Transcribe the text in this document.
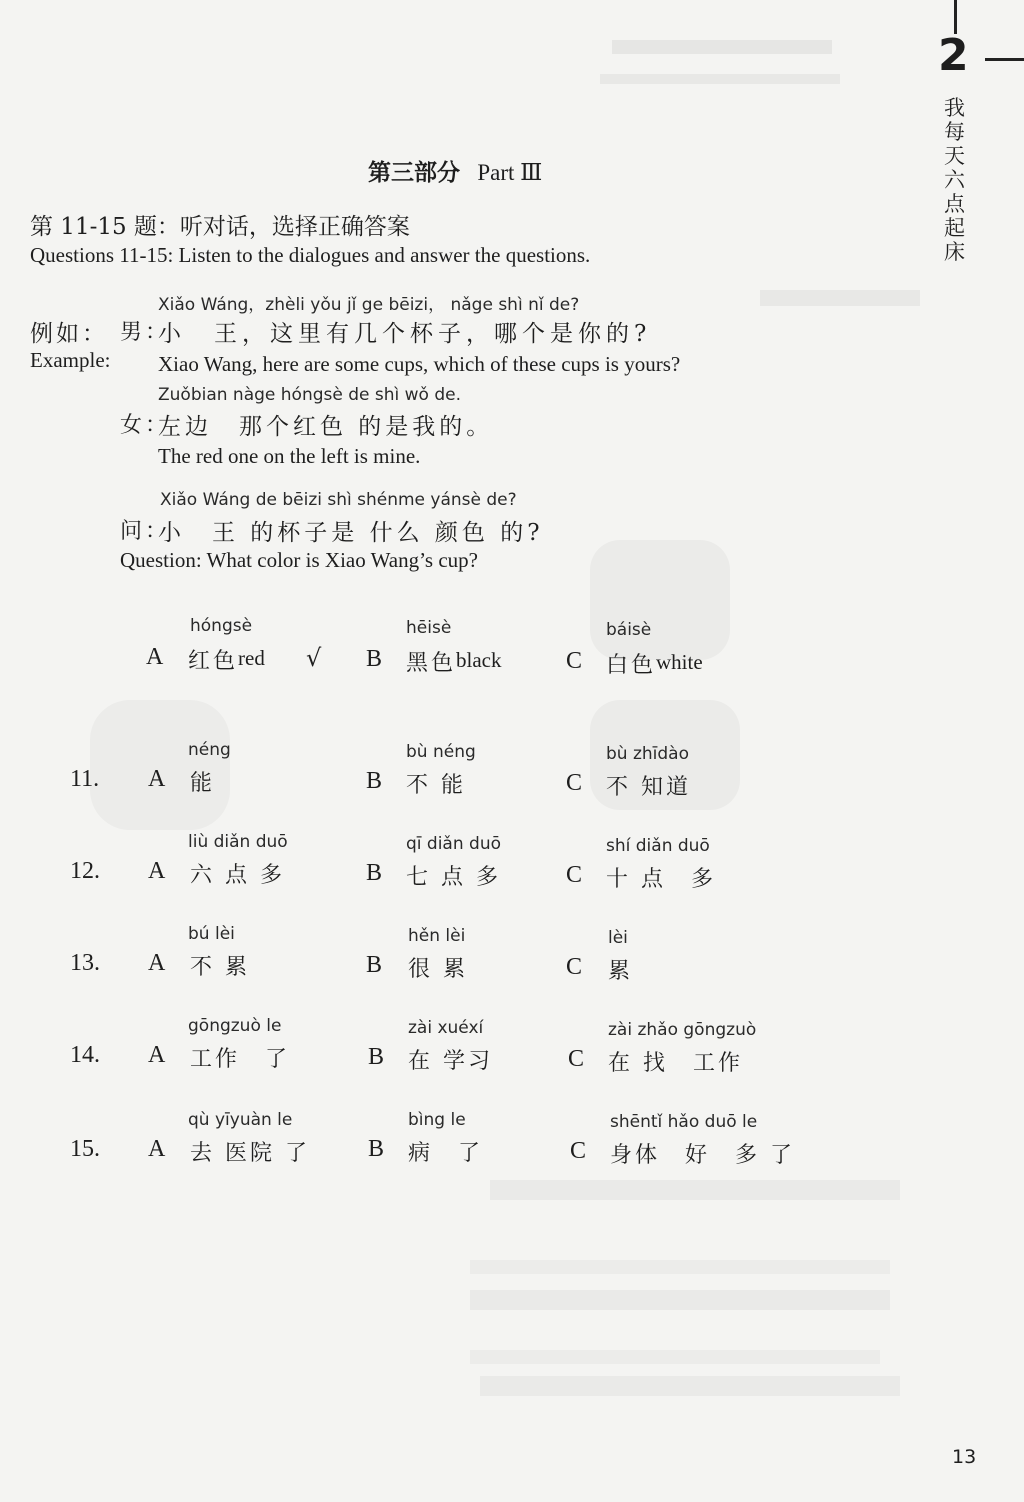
2
我每天六点起床
第三部分 Part Ⅲ
第 11-15 题：听对话，选择正确答案
Questions 11-15: Listen to the dialogues and answer the questions.
Xiǎo Wáng，zhèli yǒu jǐ ge bēizi， nǎge shì nǐ de?
例如： 男：
小　王，这里有几个杯子，哪个是你的?
Example: Xiao Wang, here are some cups, which of these cups is yours?
Zuǒbian nàge hóngsè de shì wǒ de.
女：
左边　那个红色 的是我的。
The red one on the left is mine.
Xiǎo Wáng de bēizi shì shénme yánsè de?
问：
小　王 的杯子是 什么 颜色 的?
Question: What color is Xiao Wang’s cup?
hóngsè
A 红色 red √
hēisè
B 黑色 black
báisè
C 白色 white
11.
néng
A 能
bù néng
B 不 能
bù zhīdào
C 不 知道
12.
liù diǎn duō
A 六 点 多
qī diǎn duō
B 七 点 多
shí diǎn duō
C 十 点　多
13.
bú lèi
A 不 累
hěn lèi
B 很 累
lèi
C 累
14.
gōngzuò le
A 工作　了
zài xuéxí
B 在 学习
zài zhǎo gōngzuò
C 在 找　工作
15.
qù yīyuàn le
A 去 医院 了
bìng le
B 病　了
shēntǐ hǎo duō le
C 身体　好　多 了
13
